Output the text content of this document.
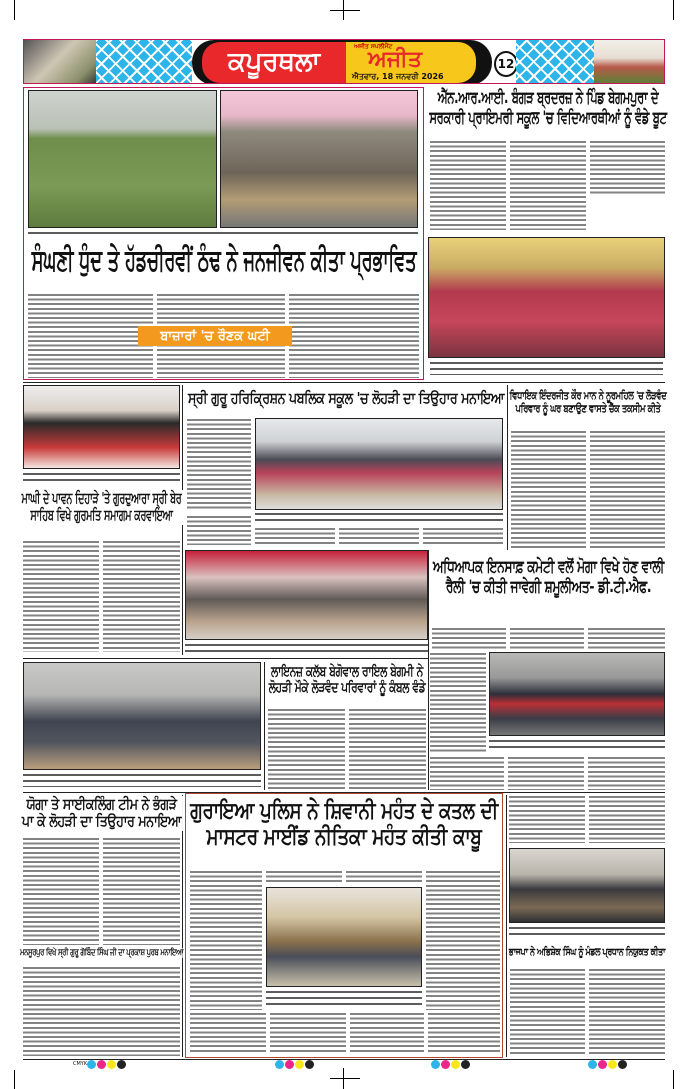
ਕਪੂਰਥਲਾ
ਅਜੀਤ ਸਪਲੀਮੈਂਟ
ਅਜੀਤ
ਐਤਵਾਰ, 18 ਜਨਵਰੀ 2026
12
ਸੰਘਣੀ ਧੁੰਦ ਤੇ ਹੱਡਚੀਰਵੀਂ ਠੰਢ ਨੇ ਜਨਜੀਵਨ ਕੀਤਾ ਪ੍ਰਭਾਵਿਤ
ਬਾਜ਼ਾਰਾਂ 'ਚ ਰੌਣਕ ਘਟੀ
ਐੱਨ.ਆਰ.ਆਈ. ਬੰਗੜ ਬ੍ਰਦਰਜ਼ ਨੇ ਪਿੰਡ ਬੇਗਮਪੁਰਾ ਦੇ ਸਰਕਾਰੀ ਪ੍ਰਾਇਮਰੀ ਸਕੂਲ 'ਚ ਵਿਦਿਆਰਥੀਆਂ ਨੂੰ ਵੰਡੇ ਬੂਟ
ਮਾਘੀ ਦੇ ਪਾਵਨ ਦਿਹਾੜੇ 'ਤੇ ਗੁਰਦੁਆਰਾ ਸ੍ਰੀ ਬੇਰ ਸਾਹਿਬ ਵਿਖੇ ਗੁਰਮਤਿ ਸਮਾਗਮ ਕਰਵਾਇਆ
ਸ੍ਰੀ ਗੁਰੂ ਹਰਿਕ੍ਰਿਸ਼ਨ ਪਬਲਿਕ ਸਕੂਲ 'ਚ ਲੋਹੜੀ ਦਾ ਤਿਉਹਾਰ ਮਨਾਇਆ ਵਿਧਾਇਕ ਇੰਦਰਜੀਤ ਕੌਰ ਮਾਨ ਨੇ ਨੂਰਮਹਿਲ 'ਚ ਲੋੜਵੰਦ ਪਰਿਵਾਰ ਨੂੰ ਘਰ ਬਣਾਉਣ ਵਾਸਤੇ ਚੈੱਕ ਤਕਸੀਮ ਕੀਤੇ
ਅਧਿਆਪਕ ਇਨਸਾਫ਼ ਕਮੇਟੀ ਵਲੋਂ ਮੋਗਾ ਵਿਖੇ ਹੋਣ ਵਾਲੀ ਰੈਲੀ 'ਚ ਕੀਤੀ ਜਾਵੇਗੀ ਸ਼ਮੂਲੀਅਤ- ਡੀ.ਟੀ.ਐਫ.
ਲਾਇਨਜ਼ ਕਲੱਬ ਬੇਗੋਵਾਲ ਰਾਇਲ ਬੇਗਮੀ ਨੇ ਲੋਹੜੀ ਮੌਕੇ ਲੋੜਵੰਦ ਪਰਿਵਾਰਾਂ ਨੂੰ ਕੰਬਲ ਵੰਡੇ
ਯੋਗਾ ਤੇ ਸਾਈਕਲਿੰਗ ਟੀਮ ਨੇ ਭੰਗੜੇ ਪਾ ਕੇ ਲੋਹੜੀ ਦਾ ਤਿਉਹਾਰ ਮਨਾਇਆ
ਮਨਸੂਰਪੁਰ ਵਿਖੇ ਸ੍ਰੀ ਗੁਰੂ ਗੋਬਿੰਦ ਸਿੰਘ ਜੀ ਦਾ ਪ੍ਰਕਾਸ਼ ਪੁਰਬ ਮਨਾਇਆ
ਗੁਰਾਇਆ ਪੁਲਿਸ ਨੇ ਸ਼ਿਵਾਨੀ ਮਹੰਤ ਦੇ ਕਤਲ ਦੀ ਮਾਸਟਰ ਮਾਈਂਡ ਨੀਤਿਕਾ ਮਹੰਤ ਕੀਤੀ ਕਾਬੂ
ਭਾਜਪਾ ਨੇ ਅਭਿਸ਼ੇਕ ਸਿੰਘ ਨੂੰ ਮੰਡਲ ਪ੍ਰਧਾਨ ਨਿਯੁਕਤ ਕੀਤਾ
CMYK
